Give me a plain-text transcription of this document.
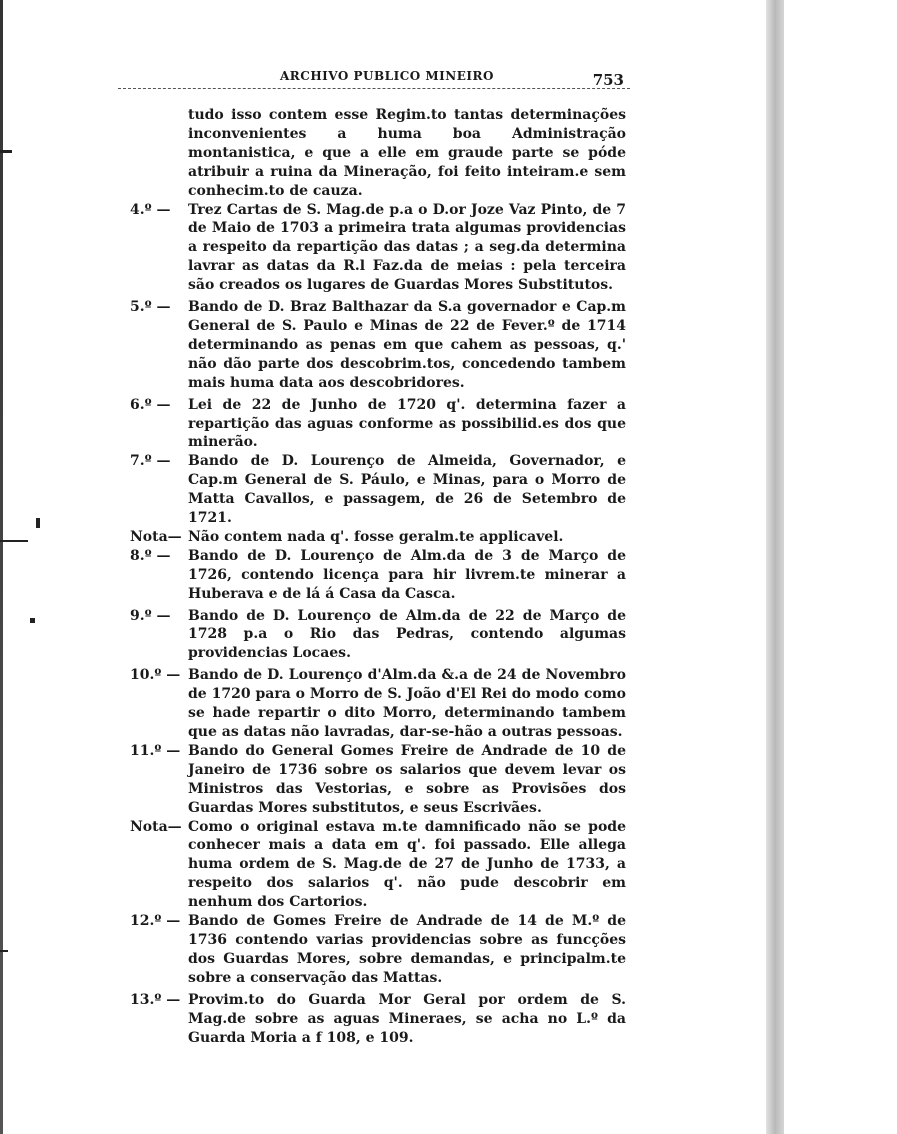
ARCHIVO PUBLICO MINEIRO	753

tudo isso contem esse Regim.to tantas determinações inconvenientes a huma boa Administração montanistica, e que a elle em graude parte se póde atribuir a ruina da Mineração, foi feito inteiram.e sem conhecim.to de cauza.

4.º —	Trez Cartas de S. Mag.de p.a o D.or Joze Vaz Pinto, de 7 de Maio de 1703 a primeira trata algumas providencias a respeito da repartição das datas ; a seg.da determina lavrar as datas da R.l Faz.da de meias : pela terceira são creados os lugares de Guardas Mores Substitutos.
5.º —	Bando de D. Braz Balthazar da S.a governador e Cap.m General de S. Paulo e Minas de 22 de Fever.º de 1714 determinando as penas em que cahem as pessoas, q.' não dão parte dos descobrim.tos, concedendo tambem mais huma data aos descobridores.
6.º —	Lei de 22 de Junho de 1720 q'. determina fazer a repartição das aguas conforme as possibilid.es dos que minerão.
7.º —	Bando de D. Lourenço de Almeida, Governador, e Cap.m General de S. Páulo, e Minas, para o Morro de Matta Cavallos, e passagem, de 26 de Setembro de 1721.
Nota— Não contem nada q'. fosse geralm.te applicavel.
8.º —	Bando de D. Lourenço de Alm.da de 3 de Março de 1726, contendo licença para hir livrem.te minerar a Huberava e de lá á Casa da Casca.
9.º —	Bando de D. Lourenço de Alm.da de 22 de Março de 1728 p.a o Rio das Pedras, contendo algumas providencias Locaes.
10.º — Bando de D. Lourenço d'Alm.da &.a de 24 de Novembro de 1720 para o Morro de S. João d'El Rei do modo como se hade repartir o dito Morro, determinando tambem que as datas não lavradas, dar-se-hão a outras pessoas.
11.º — Bando do General Gomes Freire de Andrade de 10 de Janeiro de 1736 sobre os salarios que devem levar os Ministros das Vestorias, e sobre as Provisões dos Guardas Mores substitutos, e seus Escrivães.
Nota— Como o original estava m.te damnificado não se pode conhecer mais a data em q'. foi passado. Elle allega huma ordem de S. Mag.de de 27 de Junho de 1733, a respeito dos salarios q'. não pude descobrir em nenhum dos Cartorios.
12.º — Bando de Gomes Freire de Andrade de 14 de M.º de 1736 contendo varias providencias sobre as funcções dos Guardas Mores, sobre demandas, e principalm.te sobre a conservação das Mattas.
13.º — Provim.to do Guarda Mor Geral por ordem de S. Mag.de sobre as aguas Mineraes, se acha no L.º da Guarda Moria a f 108, e 109.
